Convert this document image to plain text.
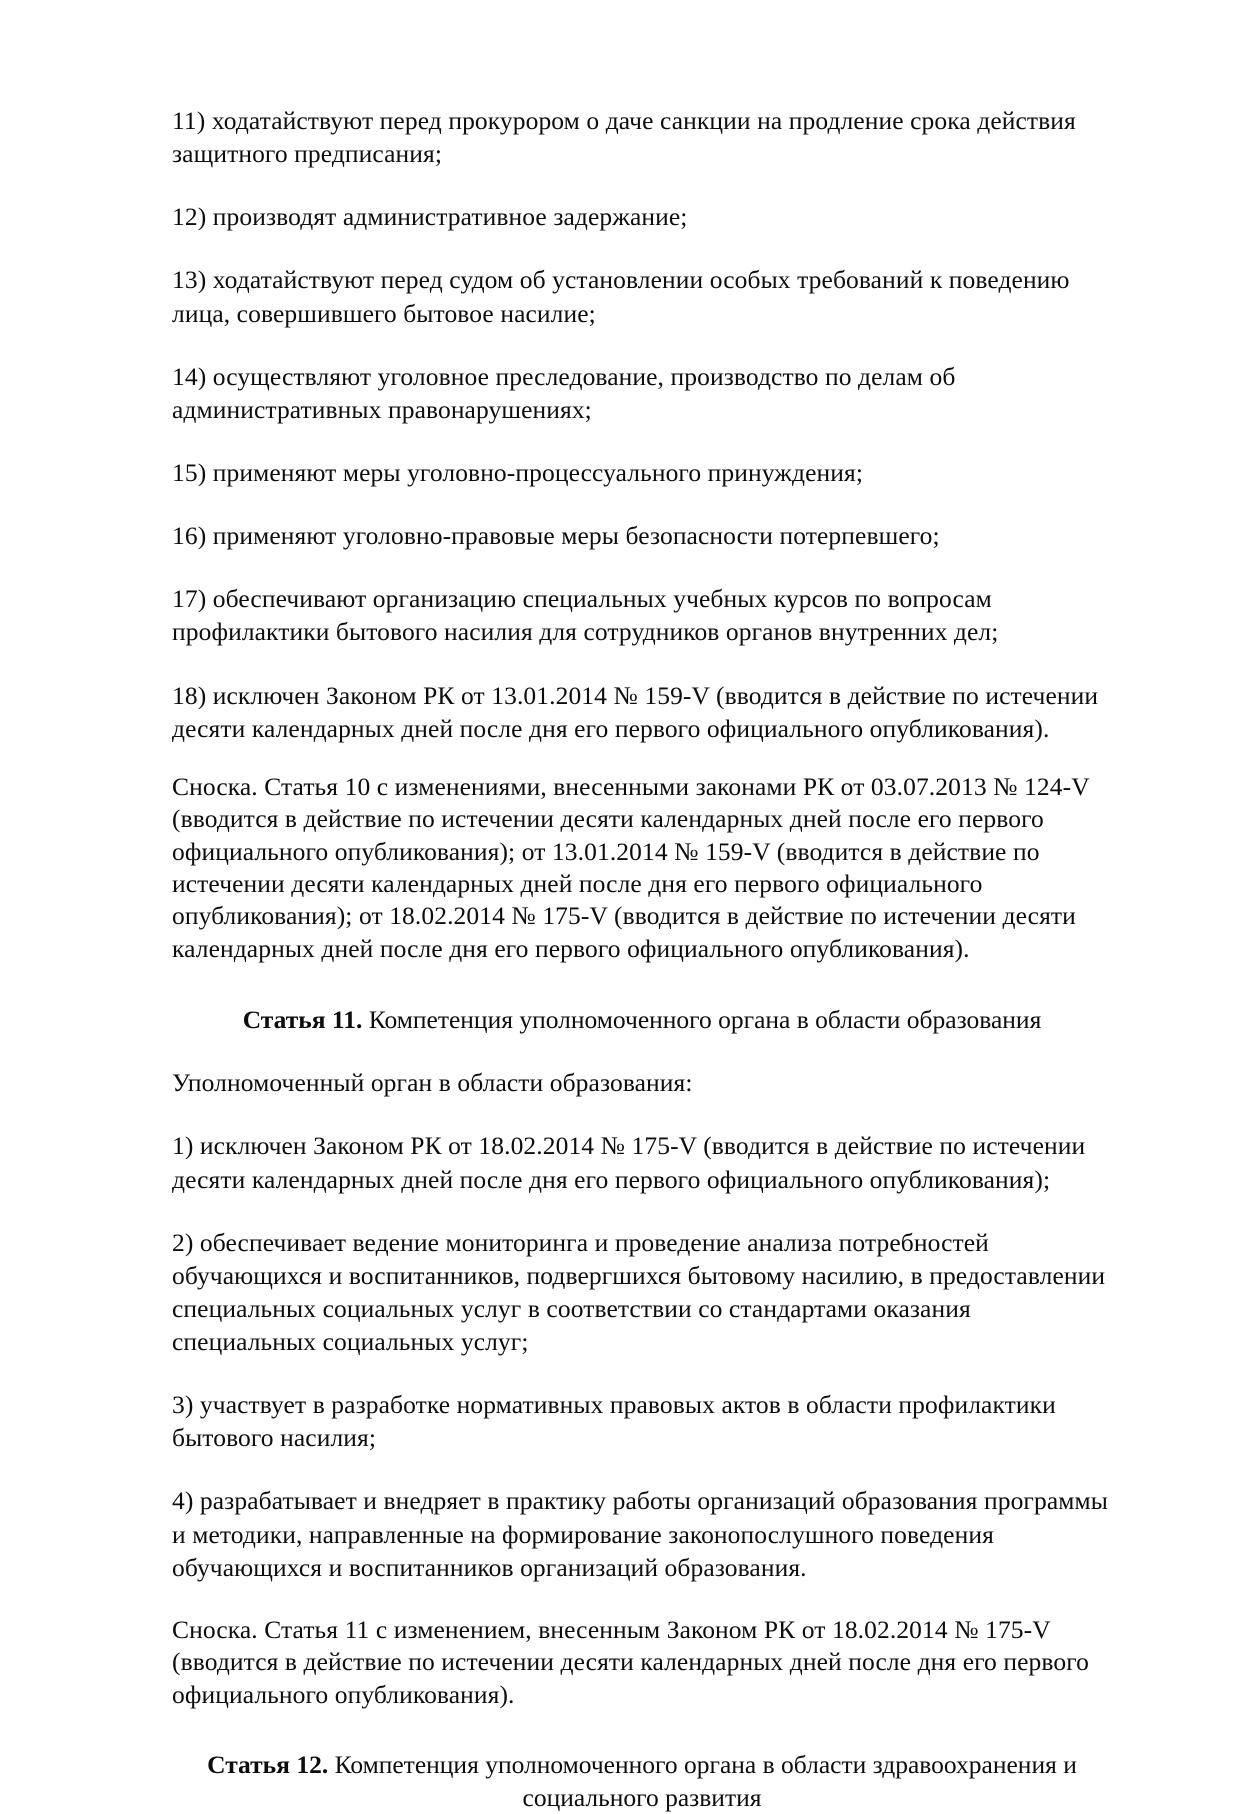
11) ходатайствуют перед прокурором о даче санкции на продление срока действия защитного предписания;

12) производят административное задержание;

13) ходатайствуют перед судом об установлении особых требований к поведению лица, совершившего бытовое насилие;

14) осуществляют уголовное преследование, производство по делам об административных правонарушениях;

15) применяют меры уголовно-процессуального принуждения;

16) применяют уголовно-правовые меры безопасности потерпевшего;

17) обеспечивают организацию специальных учебных курсов по вопросам профилактики бытового насилия для сотрудников органов внутренних дел;

18) исключен Законом РК от 13.01.2014 № 159-V (вводится в действие по истечении десяти календарных дней после дня его первого официального опубликования).

Сноска. Статья 10 с изменениями, внесенными законами РК от 03.07.2013 № 124-V (вводится в действие по истечении десяти календарных дней после его первого официального опубликования); от 13.01.2014 № 159-V (вводится в действие по истечении десяти календарных дней после дня его первого официального опубликования); от 18.02.2014 № 175-V (вводится в действие по истечении десяти календарных дней после дня его первого официального опубликования).

Статья 11. Компетенция уполномоченного органа в области образования

Уполномоченный орган в области образования:

1) исключен Законом РК от 18.02.2014 № 175-V (вводится в действие по истечении десяти календарных дней после дня его первого официального опубликования);

2) обеспечивает ведение мониторинга и проведение анализа потребностей обучающихся и воспитанников, подвергшихся бытовому насилию, в предоставлении специальных социальных услуг в соответствии со стандартами оказания специальных социальных услуг;

3) участвует в разработке нормативных правовых актов в области профилактики бытового насилия;

4) разрабатывает и внедряет в практику работы организаций образования программы и методики, направленные на формирование законопослушного поведения обучающихся и воспитанников организаций образования.

Сноска. Статья 11 с изменением, внесенным Законом РК от 18.02.2014 № 175-V (вводится в действие по истечении десяти календарных дней после дня его первого официального опубликования).

Статья 12. Компетенция уполномоченного органа в области здравоохранения и социального развития
